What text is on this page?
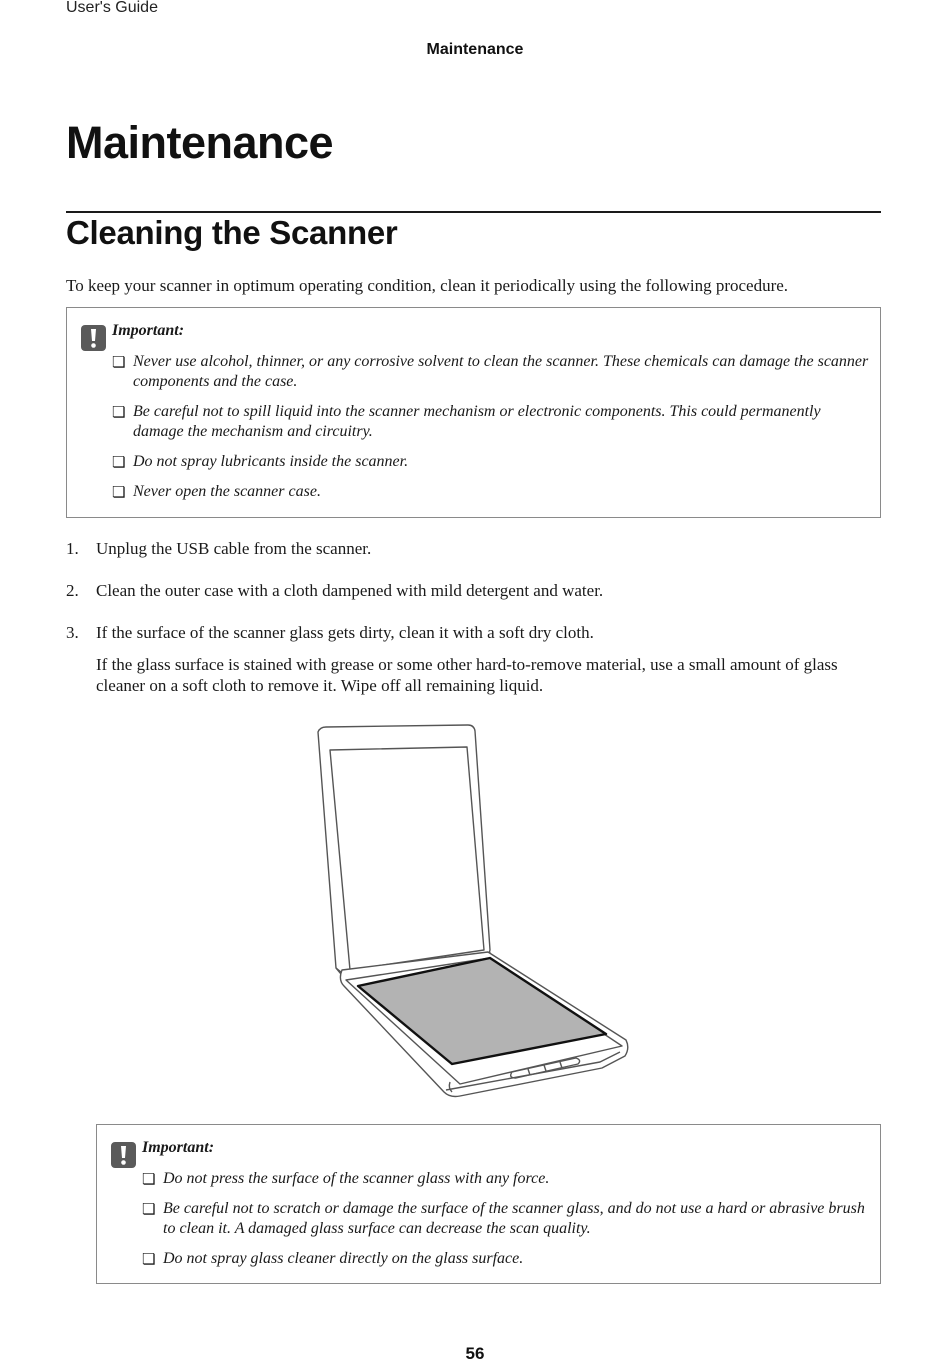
User's Guide
Maintenance
Maintenance
Cleaning the Scanner

To keep your scanner in optimum operating condition, clean it periodically using the following procedure.

Important:
❏ Never use alcohol, thinner, or any corrosive solvent to clean the scanner. These chemicals can damage the scanner components and the case.
❏ Be careful not to spill liquid into the scanner mechanism or electronic components. This could permanently damage the mechanism and circuitry.
❏ Do not spray lubricants inside the scanner.
❏ Never open the scanner case.
1. Unplug the USB cable from the scanner.
2. Clean the outer case with a cloth dampened with mild detergent and water.
3. If the surface of the scanner glass gets dirty, clean it with a soft dry cloth.

If the glass surface is stained with grease or some other hard-to-remove material, use a small amount of glass cleaner on a soft cloth to remove it. Wipe off all remaining liquid.

Important:
❏ Do not press the surface of the scanner glass with any force.
❏ Be careful not to scratch or damage the surface of the scanner glass, and do not use a hard or abrasive brush to clean it. A damaged glass surface can decrease the scan quality.
❏ Do not spray glass cleaner directly on the glass surface.
56
